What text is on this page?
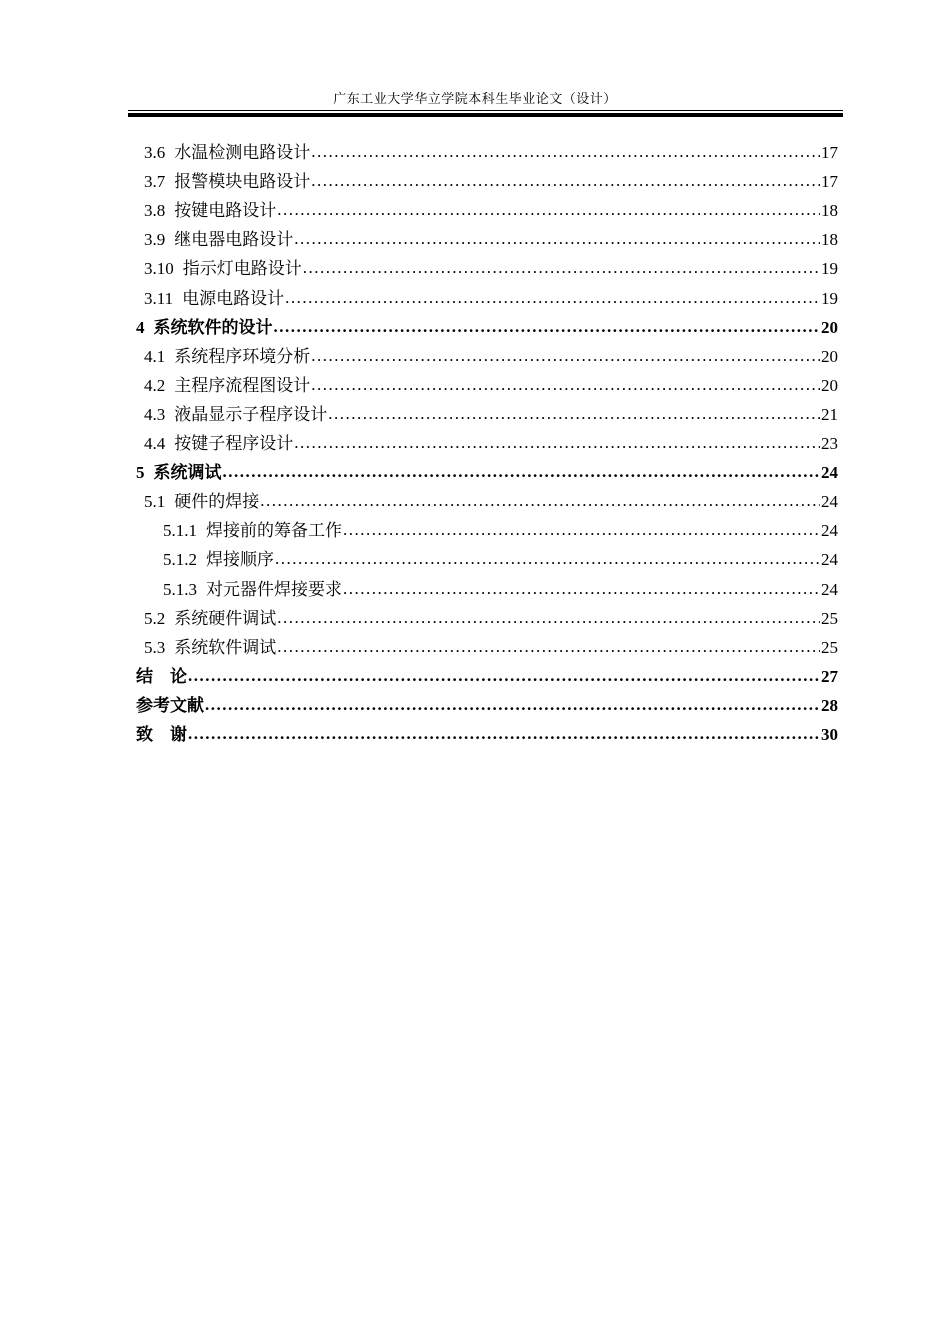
广东工业大学华立学院本科生毕业论文（设计）
3.6 水温检测电路设计 .....	17
3.7 报警模块电路设计 .....	17
3.8 按键电路设计 .....	18
3.9 继电器电路设计 .....	18
3.10 指示灯电路设计 .....	19
3.11 电源电路设计 .....	19
4 系统软件的设计 .....	20
4.1 系统程序环境分析 .....	20
4.2 主程序流程图设计 .....	20
4.3 液晶显示子程序设计 .....	21
4.4 按键子程序设计 .....	23
5 系统调试 .....	24
5.1 硬件的焊接 .....	24
5.1.1 焊接前的筹备工作 .....	24
5.1.2 焊接顺序 .....	24
5.1.3 对元器件焊接要求 .....	24
5.2 系统硬件调试 .....	25
5.3 系统软件调试 .....	25
结　论 .....	27
参考文献 .....	28
致　谢 .....	30
